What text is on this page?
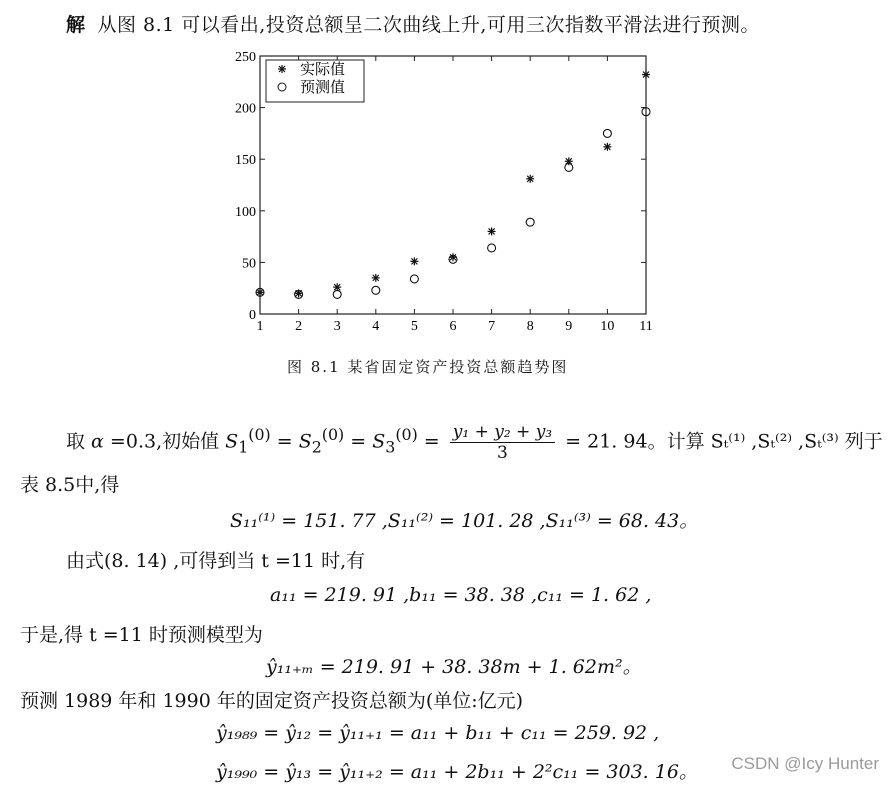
解 从图 8.1 可以看出,投资总额呈二次曲线上升,可用三次指数平滑法进行预测。
1 2 3 4 5 6 7 8 9 10 11
0
50
100
150
200
250
实际值
预测值
图 8.1 某省固定资产投资总额趋势图
取 α =0.3,初始值 $S_1^{(0)} = S_2^{(0)} = S_3^{(0)} = \frac{\text{y₁ + y₂ + y₃}}{3} = 21$. 94。计算 Sₜ⁽¹⁾ ,Sₜ⁽²⁾ ,Sₜ⁽³⁾ 列于
表 8.5中,得
S₁₁⁽¹⁾ = 151. 77 ,S₁₁⁽²⁾ = 101. 28 ,S₁₁⁽³⁾ = 68. 43。
由式(8. 14) ,可得到当 t =11 时,有
a₁₁ = 219. 91 ,b₁₁ = 38. 38 ,c₁₁ = 1. 62 ,
于是,得 t =11 时预测模型为
ŷ₁₁₊ₘ = 219. 91 + 38. 38m + 1. 62m²。
预测 1989 年和 1990 年的固定资产投资总额为(单位:亿元)
ŷ₁₉₈₉ = ŷ₁₂ = ŷ₁₁₊₁ = a₁₁ + b₁₁ + c₁₁ = 259. 92 ,
ŷ₁₉₉₀ = ŷ₁₃ = ŷ₁₁₊₂ = a₁₁ + 2b₁₁ + 2²c₁₁ = 303. 16。 CSDN @Icy Hunter
